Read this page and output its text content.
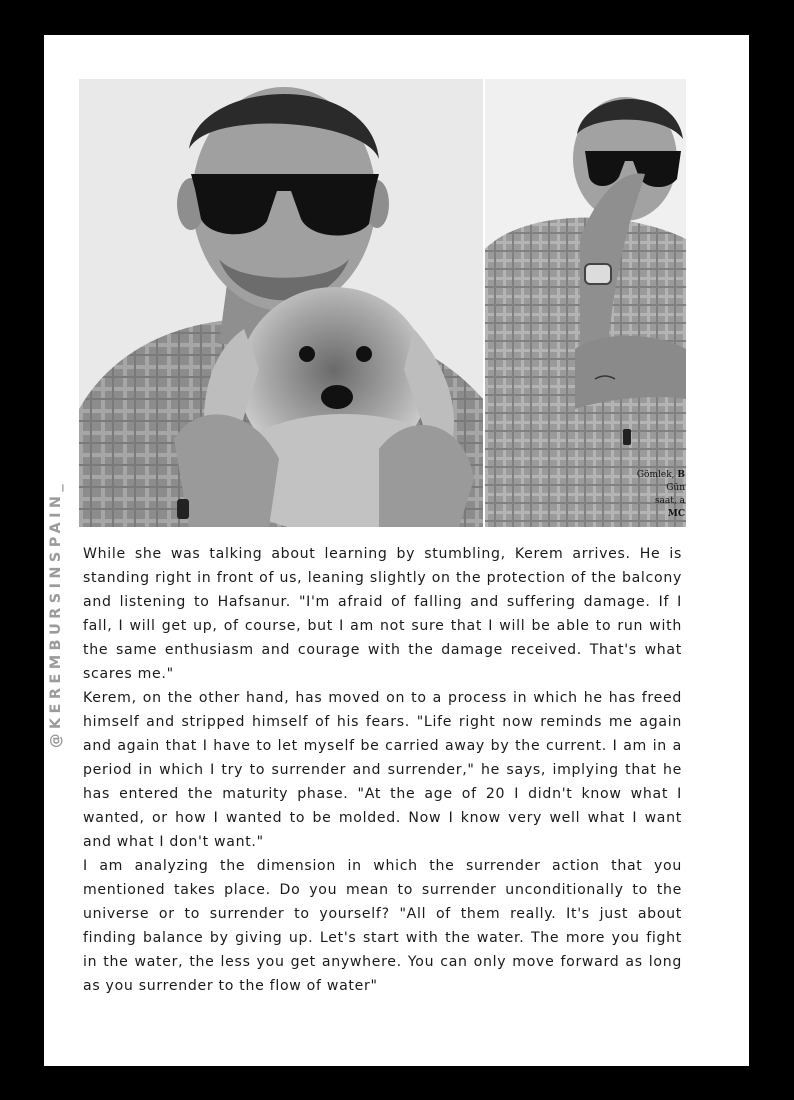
Gömlek, B
Gün
saat, a
MC

While she was talking about learning by stumbling, Kerem arrives. He is standing right in front of us, leaning slightly on the protection of the balcony and listening to Hafsanur. "I'm afraid of falling and suffering damage. If I fall, I will get up, of course, but I am not sure that I will be able to run with the same enthusiasm and courage with the damage received. That's what scares me."

Kerem, on the other hand, has moved on to a process in which he has freed himself and stripped himself of his fears. "Life right now reminds me again and again that I have to let myself be carried away by the current. I am in a period in which I try to surrender and surrender," he says, implying that he has entered the maturity phase. "At the age of 20 I didn't know what I wanted, or how I wanted to be molded. Now I know very well what I want and what I don't want."

I am analyzing the dimension in which the surrender action that you mentioned takes place. Do you mean to surrender unconditionally to the universe or to surrender to yourself? "All of them really. It's just about finding balance by giving up. Let's start with the water. The more you fight in the water, the less you get anywhere. You can only move forward as long as you surrender to the flow of water"

@KEREMBURSINSPAIN_
